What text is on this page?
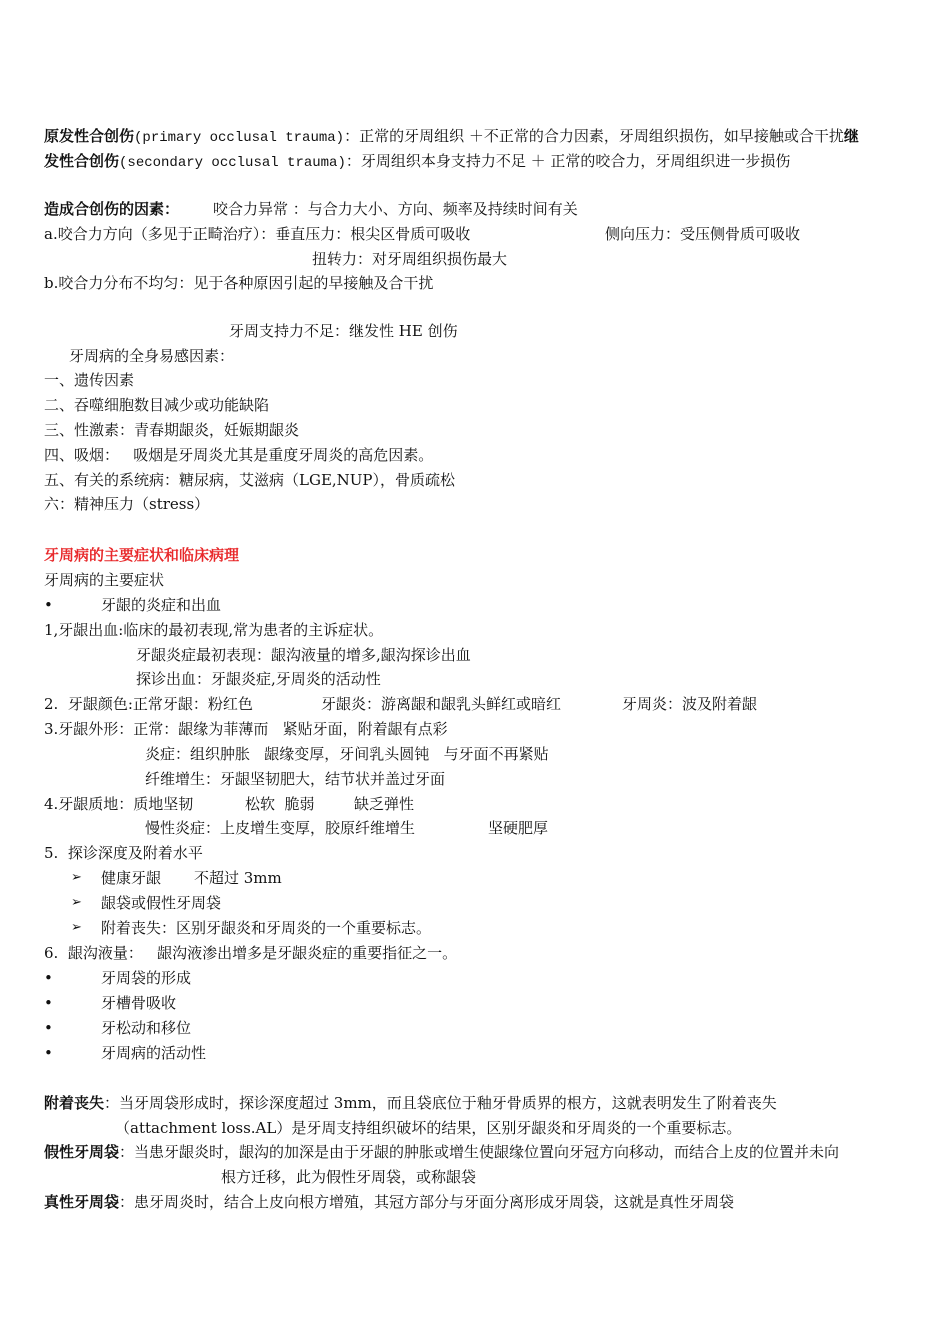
原发性合创伤(primary occlusal trauma)：正常的牙周组织 ＋不正常的合力因素，牙周组织损伤，如早接触或合干扰继
发性合创伤(secondary occlusal trauma)：牙周组织本身支持力不足 ＋ 正常的咬合力，牙周组织进一步损伤
造成合创伤的因素： 咬合力异常 ：与合力大小、方向、频率及持续时间有关
a.咬合力方向（多见于正畸治疗）：垂直压力：根尖区骨质可吸收	侧向压力：受压侧骨质可吸收
扭转力：对牙周组织损伤最大
b.咬合力分布不均匀：见于各种原因引起的早接触及合干扰
牙周支持力不足：继发性 HE 创伤
牙周病的全身易感因素：
一、遗传因素
二、吞噬细胞数目减少或功能缺陷
三、性激素：青春期龈炎，妊娠期龈炎
四、吸烟：   吸烟是牙周炎尤其是重度牙周炎的高危因素。
五、有关的系统病：糖尿病，艾滋病（LGE,NUP），骨质疏松
六：精神压力（stress）
牙周病的主要症状和临床病理
牙周病的主要症状
•	牙龈的炎症和出血
1,牙龈出血:临床的最初表现,常为患者的主诉症状。
牙龈炎症最初表现：龈沟液量的增多,龈沟探诊出血
探诊出血：牙龈炎症,牙周炎的活动性
2.  牙龈颜色:正常牙龈：粉红色	牙龈炎：游离龈和龈乳头鲜红或暗红	牙周炎：波及附着龈
3.牙龈外形：正常：龈缘为菲薄而   紧贴牙面，附着龈有点彩
炎症：组织肿胀   龈缘变厚，牙间乳头圆钝   与牙面不再紧贴
纤维增生：牙龈坚韧肥大，结节状并盖过牙面
4.牙龈质地：质地坚韧	松软  脆弱	缺乏弹性
慢性炎症：上皮增生变厚，胶原纤维增生	坚硬肥厚
5.  探诊深度及附着水平
➢ 健康牙龈 不超过 3mm
➢ 龈袋或假性牙周袋
➢ 附着丧失：区别牙龈炎和牙周炎的一个重要标志。
6.  龈沟液量：   龈沟液渗出增多是牙龈炎症的重要指征之一。
•	牙周袋的形成
•	牙槽骨吸收
•	牙松动和移位
•	牙周病的活动性
附着丧失：当牙周袋形成时，探诊深度超过 3mm，而且袋底位于釉牙骨质界的根方，这就表明发生了附着丧失
（attachment loss.AL）是牙周支持组织破坏的结果，区别牙龈炎和牙周炎的一个重要标志。
假性牙周袋：当患牙龈炎时，龈沟的加深是由于牙龈的肿胀或增生使龈缘位置向牙冠方向移动，而结合上皮的位置并未向
根方迁移，此为假性牙周袋，或称龈袋
真性牙周袋：患牙周炎时，结合上皮向根方增殖，其冠方部分与牙面分离形成牙周袋，这就是真性牙周袋
